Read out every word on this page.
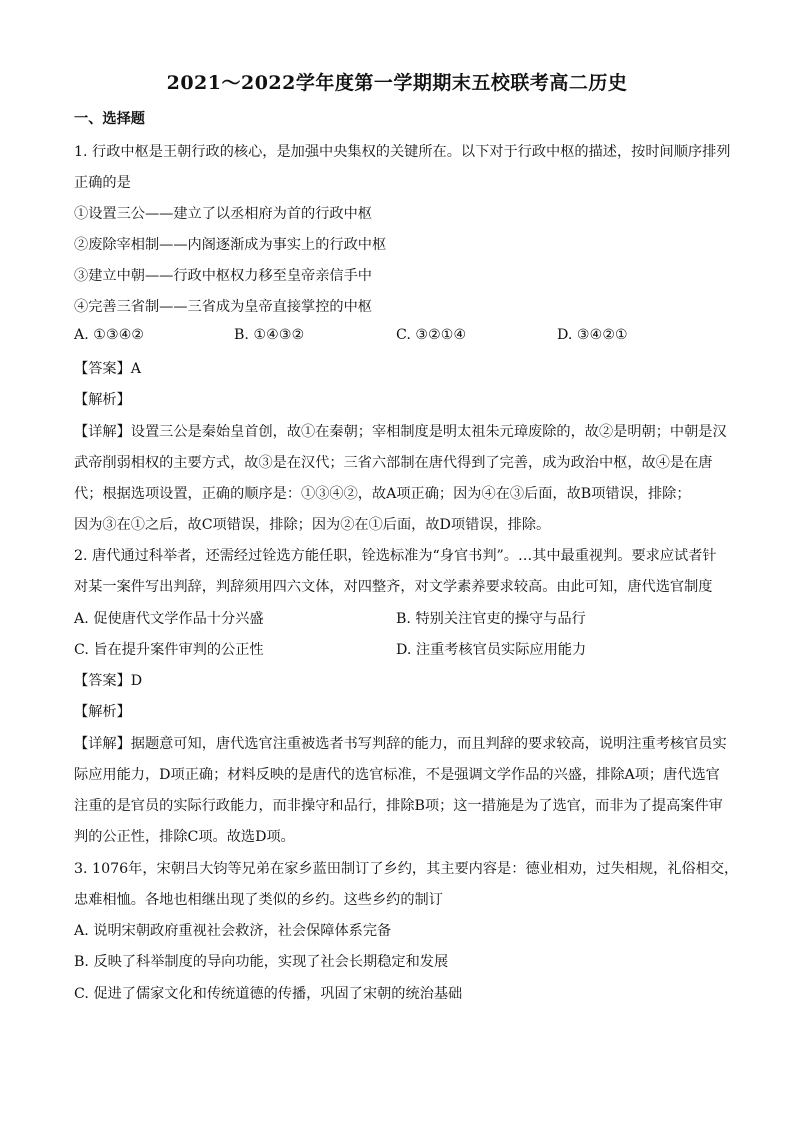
2021～2022学年度第一学期期末五校联考高二历史
一、选择题
1. 行政中枢是王朝行政的核心，是加强中央集权的关键所在。以下对于行政中枢的描述，按时间顺序排列
正确的是
①设置三公——建立了以丞相府为首的行政中枢
②废除宰相制——内阁逐渐成为事实上的行政中枢
③建立中朝——行政中枢权力移至皇帝亲信手中
④完善三省制——三省成为皇帝直接掌控的中枢
A. ①③④②	B. ①④③②	C. ③②①④	D. ③④②①
【答案】A
【解析】
【详解】设置三公是秦始皇首创，故①在秦朝；宰相制度是明太祖朱元璋废除的，故②是明朝；中朝是汉
武帝削弱相权的主要方式，故③是在汉代；三省六部制在唐代得到了完善，成为政治中枢，故④是在唐
代；根据选项设置，正确的顺序是：①③④②，故A项正确；因为④在③后面，故B项错误，排除；
因为③在①之后，故C项错误，排除；因为②在①后面，故D项错误，排除。
2. 唐代通过科举者，还需经过铨选方能任职，铨选标准为“身官书判”。…其中最重视判。要求应试者针
对某一案件写出判辞，判辞须用四六文体，对四整齐，对文学素养要求较高。由此可知，唐代选官制度
A. 促使唐代文学作品十分兴盛	B. 特别关注官吏的操守与品行
C. 旨在提升案件审判的公正性	D. 注重考核官员实际应用能力
【答案】D
【解析】
【详解】据题意可知，唐代选官注重被选者书写判辞的能力，而且判辞的要求较高，说明注重考核官员实
际应用能力，D项正确；材料反映的是唐代的选官标准，不是强调文学作品的兴盛，排除A项；唐代选官
注重的是官员的实际行政能力，而非操守和品行，排除B项；这一措施是为了选官，而非为了提高案件审
判的公正性，排除C项。故选D项。
3. 1076年，宋朝吕大钧等兄弟在家乡蓝田制订了乡约，其主要内容是：德业相劝，过失相规，礼俗相交，
忠难相恤。各地也相继出现了类似的乡约。这些乡约的制订
A. 说明宋朝政府重视社会救济，社会保障体系完备
B. 反映了科举制度的导向功能，实现了社会长期稳定和发展
C. 促进了儒家文化和传统道德的传播，巩固了宋朝的统治基础
